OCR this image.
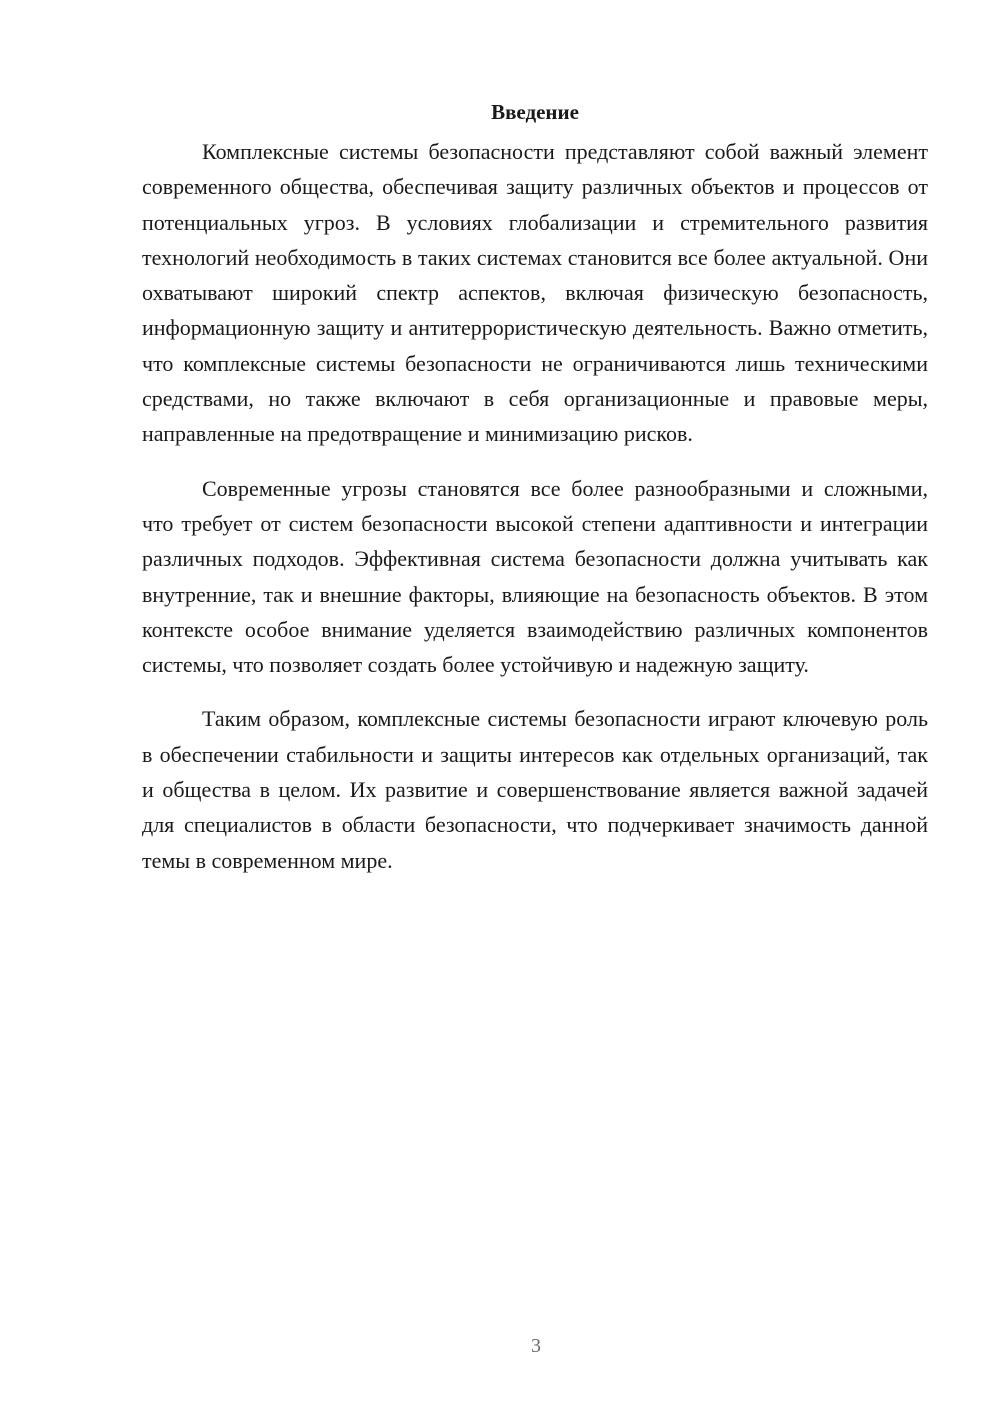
Введение

Комплексные системы безопасности представляют собой важный элемент современного общества, обеспечивая защиту различных объектов и процессов от потенциальных угроз. В условиях глобализации и стремительного развития технологий необходимость в таких системах становится все более актуальной. Они охватывают широкий спектр аспектов, включая физическую безопасность, информационную защиту и антитеррористическую деятельность. Важно отметить, что комплексные системы безопасности не ограничиваются лишь техническими средствами, но также включают в себя организационные и правовые меры, направленные на предотвращение и минимизацию рисков.

Современные угрозы становятся все более разнообразными и сложными, что требует от систем безопасности высокой степени адаптивности и интеграции различных подходов. Эффективная система безопасности должна учитывать как внутренние, так и внешние факторы, влияющие на безопасность объектов. В этом контексте особое внимание уделяется взаимодействию различных компонентов системы, что позволяет создать более устойчивую и надежную защиту.

Таким образом, комплексные системы безопасности играют ключевую роль в обеспечении стабильности и защиты интересов как отдельных организаций, так и общества в целом. Их развитие и совершенствование является важной задачей для специалистов в области безопасности, что подчеркивает значимость данной темы в современном мире.

3
